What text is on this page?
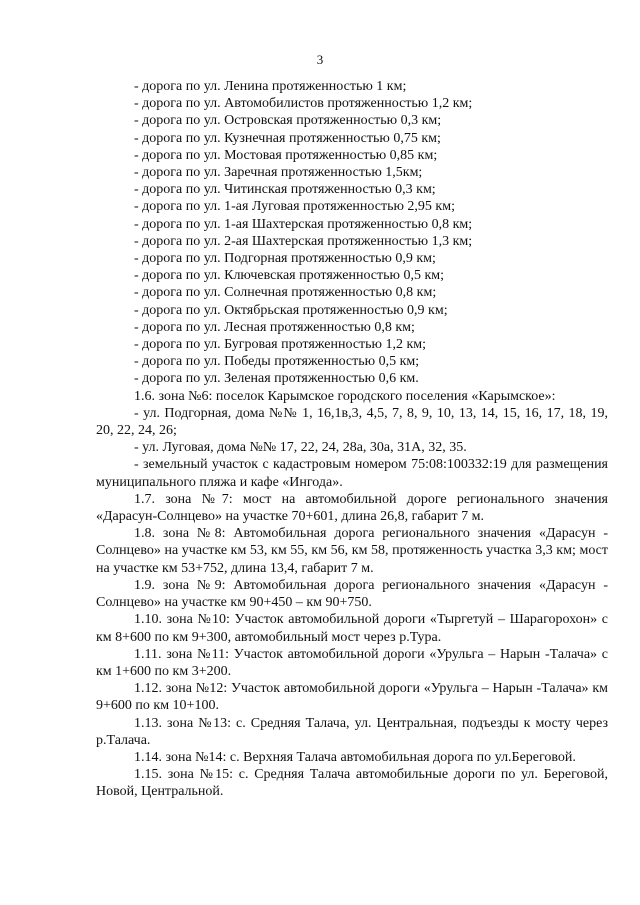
3
- дорога по ул. Ленина протяженностью 1 км;
- дорога по ул. Автомобилистов протяженностью 1,2 км;
- дорога по ул. Островская протяженностью 0,3 км;
- дорога по ул. Кузнечная протяженностью 0,75 км;
- дорога по ул. Мостовая протяженностью 0,85 км;
- дорога по ул. Заречная протяженностью 1,5км;
- дорога по ул. Читинская протяженностью 0,3 км;
- дорога по ул. 1-ая Луговая протяженностью 2,95 км;
- дорога по ул. 1-ая Шахтерская протяженностью 0,8 км;
- дорога по ул. 2-ая Шахтерская протяженностью 1,3 км;
- дорога по ул. Подгорная протяженностью 0,9 км;
- дорога по ул. Ключевская протяженностью 0,5 км;
- дорога по ул. Солнечная протяженностью 0,8 км;
- дорога по ул. Октябрьская протяженностью 0,9 км;
- дорога по ул. Лесная протяженностью 0,8 км;
- дорога по ул. Бугровая протяженностью 1,2 км;
- дорога по ул. Победы протяженностью 0,5 км;
- дорога по ул. Зеленая протяженностью 0,6 км.

1.6. зона №6: поселок Карымское городского поселения «Карымское»:

- ул. Подгорная, дома №№ 1, 16,1в,3, 4,5, 7, 8, 9, 10, 13, 14, 15, 16, 17, 18, 19, 20, 22, 24, 26;

- ул. Луговая, дома №№ 17, 22, 24, 28а, 30а, 31А, 32, 35.

- земельный участок с кадастровым номером 75:08:100332:19 для размещения муниципального пляжа и кафе «Ингода».

1.7. зона №7: мост на автомобильной дороге регионального значения «Дарасун-Солнцево» на участке 70+601, длина 26,8, габарит 7 м.

1.8. зона №8: Автомобильная дорога регионального значения «Дарасун - Солнцево» на участке км 53, км 55, км 56, км 58, протяженность участка 3,3 км; мост на участке км 53+752, длина 13,4, габарит 7 м.

1.9. зона №9: Автомобильная дорога регионального значения «Дарасун - Солнцево» на участке км 90+450 – км 90+750.

1.10. зона №10: Участок автомобильной дороги «Тыргетуй – Шарагорохон» с км 8+600 по км 9+300, автомобильный мост через р.Тура.

1.11. зона №11: Участок автомобильной дороги «Урульга – Нарын -Талача» с км 1+600 по км 3+200.

1.12. зона №12: Участок автомобильной дороги «Урульга – Нарын -Талача» км 9+600 по км 10+100.

1.13. зона №13: с. Средняя Талача, ул. Центральная, подъезды к мосту через р.Талача.

1.14. зона №14: с. Верхняя Талача автомобильная дорога по ул.Береговой.

1.15. зона №15: с. Средняя Талача автомобильные дороги по ул. Береговой, Новой, Центральной.
